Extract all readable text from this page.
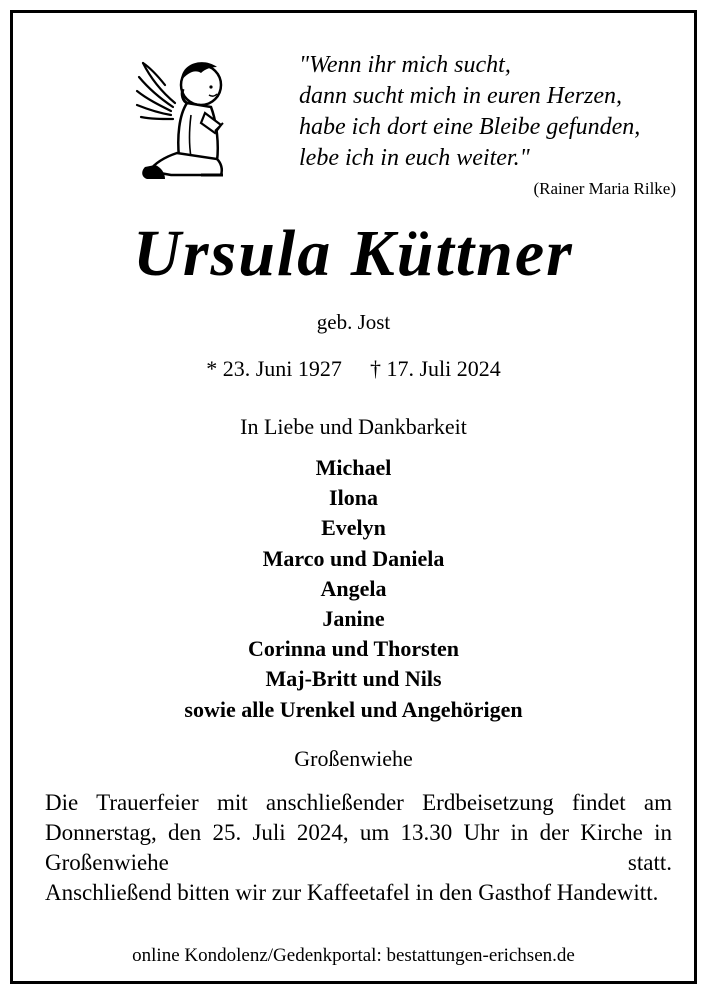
"Wenn ihr mich sucht,
dann sucht mich in euren Herzen,
habe ich dort eine Bleibe gefunden,
lebe ich in euch weiter."
(Rainer Maria Rilke)
Ursula Küttner
geb. Jost
* 23. Juni 1927 † 17. Juli 2024
In Liebe und Dankbarkeit
Michael
Ilona
Evelyn
Marco und Daniela
Angela
Janine
Corinna und Thorsten
Maj-Britt und Nils
sowie alle Urenkel und Angehörigen
Großenwiehe
Die Trauerfeier mit anschließender Erdbeisetzung findet am Donnerstag, den 25. Juli 2024, um 13.30 Uhr in der Kirche in Großenwiehe statt.
Anschließend bitten wir zur Kaffeetafel in den Gasthof Handewitt.
online Kondolenz/Gedenkportal: bestattungen-erichsen.de
